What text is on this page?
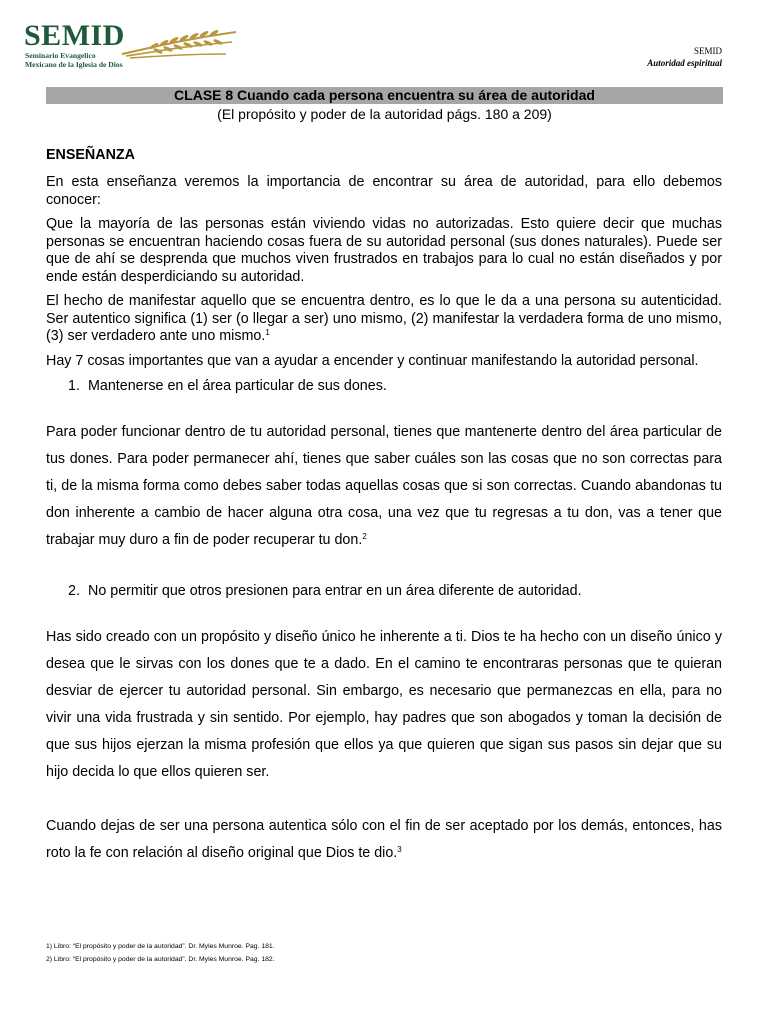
SEMID
Seminario Evangelico
Mexicano de la Iglesia de Dios
SEMID
Autoridad espiritual
CLASE 8 Cuando cada persona encuentra su área de autoridad
(El propósito y poder de la autoridad págs. 180 a 209)
ENSEÑANZA

En esta enseñanza veremos la importancia de encontrar su área de autoridad, para ello debemos conocer:

Que la mayoría de las personas están viviendo vidas no autorizadas. Esto quiere decir que muchas personas se encuentran haciendo cosas fuera de su autoridad personal (sus dones naturales). Puede ser que de ahí se desprenda que muchos viven frustrados en trabajos para lo cual no están diseñados y por ende están desperdiciando su autoridad.

El hecho de manifestar aquello que se encuentra dentro, es lo que le da a una persona su autenticidad. Ser autentico significa (1) ser (o llegar a ser) uno mismo, (2) manifestar la verdadera forma de uno mismo, (3) ser verdadero ante uno mismo.$^1$

Hay 7 cosas importantes que van a ayudar a encender y continuar manifestando la autoridad personal.

1. Mantenerse en el área particular de sus dones.

Para poder funcionar dentro de tu autoridad personal, tienes que mantenerte dentro del área particular de tus dones. Para poder permanecer ahí, tienes que saber cuáles son las cosas que no son correctas para ti, de la misma forma como debes saber todas aquellas cosas que si son correctas. Cuando abandonas tu don inherente a cambio de hacer alguna otra cosa, una vez que tu regresas a tu don, vas a tener que trabajar muy duro a fin de poder recuperar tu don.$^2$

2. No permitir que otros presionen para entrar en un área diferente de autoridad.

Has sido creado con un propósito y diseño único he inherente a ti. Dios te ha hecho con un diseño único y desea que le sirvas con los dones que te a dado. En el camino te encontraras personas que te quieran desviar de ejercer tu autoridad personal. Sin embargo, es necesario que permanezcas en ella, para no vivir una vida frustrada y sin sentido. Por ejemplo, hay padres que son abogados y toman la decisión de que sus hijos ejerzan la misma profesión que ellos ya que quieren que sigan sus pasos sin dejar que su hijo decida lo que ellos quieren ser.

Cuando dejas de ser una persona autentica sólo con el fin de ser aceptado por los demás, entonces, has roto la fe con relación al diseño original que Dios te dio.$^3$

1) Libro: “El propósito y poder de la autoridad”. Dr. Myles Munroe. Pag. 181.
2) Libro: “El propósito y poder de la autoridad”. Dr. Myles Munroe. Pag. 182.
